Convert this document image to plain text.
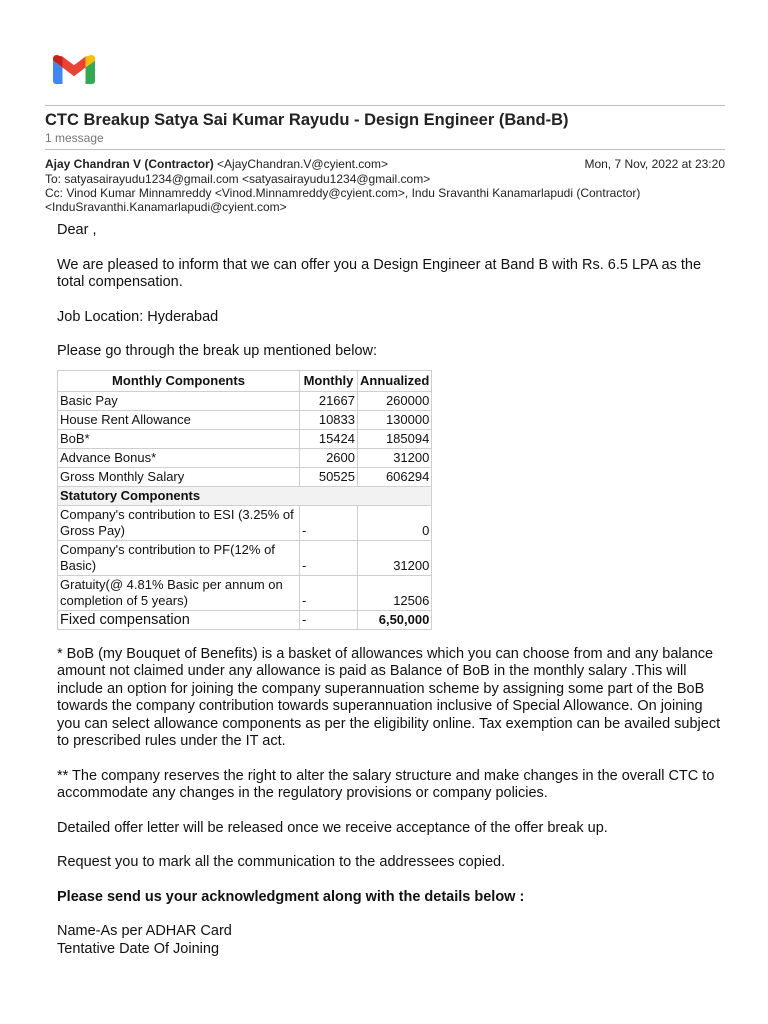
CTC Breakup Satya Sai Kumar Rayudu - Design Engineer (Band-B)
1 message
Ajay Chandran V (Contractor) <AjayChandran.V@cyient.com>	Mon, 7 Nov, 2022 at 23:20
To: satyasairayudu1234@gmail.com <satyasairayudu1234@gmail.com>
Cc: Vinod Kumar Minnamreddy <Vinod.Minnamreddy@cyient.com>, Indu Sravanthi Kanamarlapudi (Contractor)
<InduSravanthi.Kanamarlapudi@cyient.com>

Dear ,

We are pleased to inform that we can offer you a Design Engineer at Band B with Rs. 6.5 LPA as the total compensation.

Job Location: Hyderabad

Please go through the break up mentioned below:

Monthly Components	Monthly	Annualized
Basic Pay	21667	260000
House Rent Allowance	10833	130000
BoB*	15424	185094
Advance Bonus*	2600	31200
Gross Monthly Salary	50525	606294
Statutory Components		
Company's contribution to ESI (3.25% of Gross Pay)	-	0
Company's contribution to PF(12% of Basic)	-	31200
Gratuity(@ 4.81% Basic per annum on completion of 5 years)	-	12506
Fixed compensation	-	6,50,000

* BoB (my Bouquet of Benefits) is a basket of allowances which you can choose from and any balance amount not claimed under any allowance is paid as Balance of BoB in the monthly salary .This will include an option for joining the company superannuation scheme by assigning some part of the BoB towards the company contribution towards superannuation inclusive of Special Allowance. On joining you can select allowance components as per the eligibility online. Tax exemption can be availed subject to prescribed rules under the IT act.

** The company reserves the right to alter the salary structure and make changes in the overall CTC to accommodate any changes in the regulatory provisions or company policies.

Detailed offer letter will be released once we receive acceptance of the offer break up.

Request you to mark all the communication to the addressees copied.

Please send us your acknowledgment along with the details below :

Name-As per ADHAR Card

Tentative Date Of Joining
